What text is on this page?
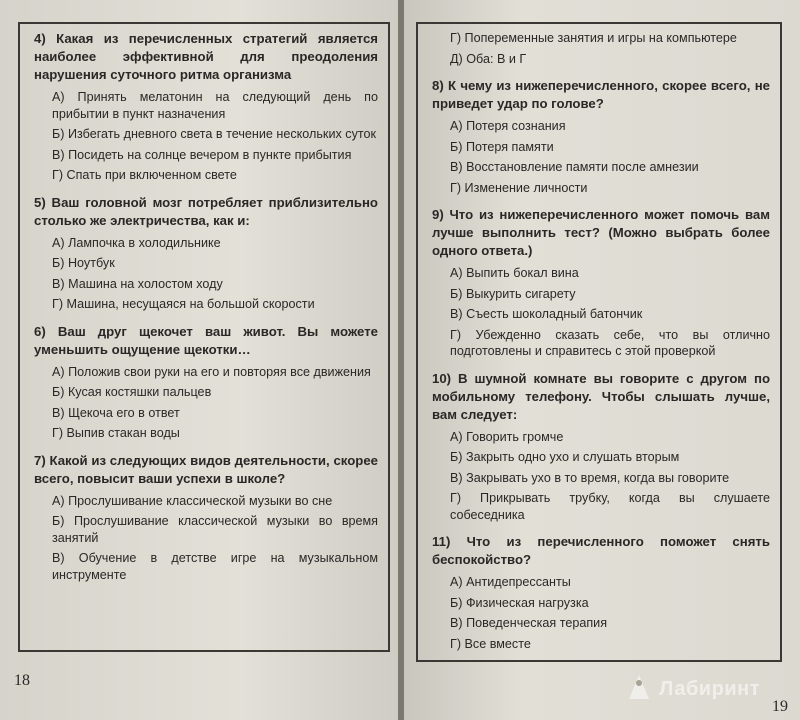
4) Какая из перечисленных стратегий является наиболее эффективной для преодоления нарушения суточного ритма организма
А) Принять мелатонин на следующий день по прибытии в пункт назначения
Б) Избегать дневного света в течение нескольких суток
В) Посидеть на солнце вечером в пункте прибытия
Г) Спать при включенном свете
5) Ваш головной мозг потребляет приблизительно столько же электричества, как и:
А) Лампочка в холодильнике
Б) Ноутбук
В) Машина на холостом ходу
Г) Машина, несущаяся на большой скорости
6) Ваш друг щекочет ваш живот. Вы можете уменьшить ощущение щекотки…
А) Положив свои руки на его и повторяя все движения
Б) Кусая костяшки пальцев
В) Щекоча его в ответ
Г) Выпив стакан воды
7) Какой из следующих видов деятельности, скорее всего, повысит ваши успехи в школе?
А) Прослушивание классической музыки во сне
Б) Прослушивание классической музыки во время занятий
В) Обучение в детстве игре на музыкальном инструменте
18
Г) Попеременные занятия и игры на компьютере
Д) Оба: В и Г
8) К чему из нижеперечисленного, скорее всего, не приведет удар по голове?
А) Потеря сознания
Б) Потеря памяти
В) Восстановление памяти после амнезии
Г) Изменение личности
9) Что из нижеперечисленного может помочь вам лучше выполнить тест? (Можно выбрать более одного ответа.)
А) Выпить бокал вина
Б) Выкурить сигарету
В) Съесть шоколадный батончик
Г) Убежденно сказать себе, что вы отлично подготовлены и справитесь с этой проверкой
10) В шумной комнате вы говорите с другом по мобильному телефону. Чтобы слышать лучше, вам следует:
А) Говорить громче
Б) Закрыть одно ухо и слушать вторым
В) Закрывать ухо в то время, когда вы говорите
Г) Прикрывать трубку, когда вы слушаете собеседника
11) Что из перечисленного поможет снять беспокойство?
А) Антидепрессанты
Б) Физическая нагрузка
В) Поведенческая терапия
Г) Все вместе
Лабиринт
19
